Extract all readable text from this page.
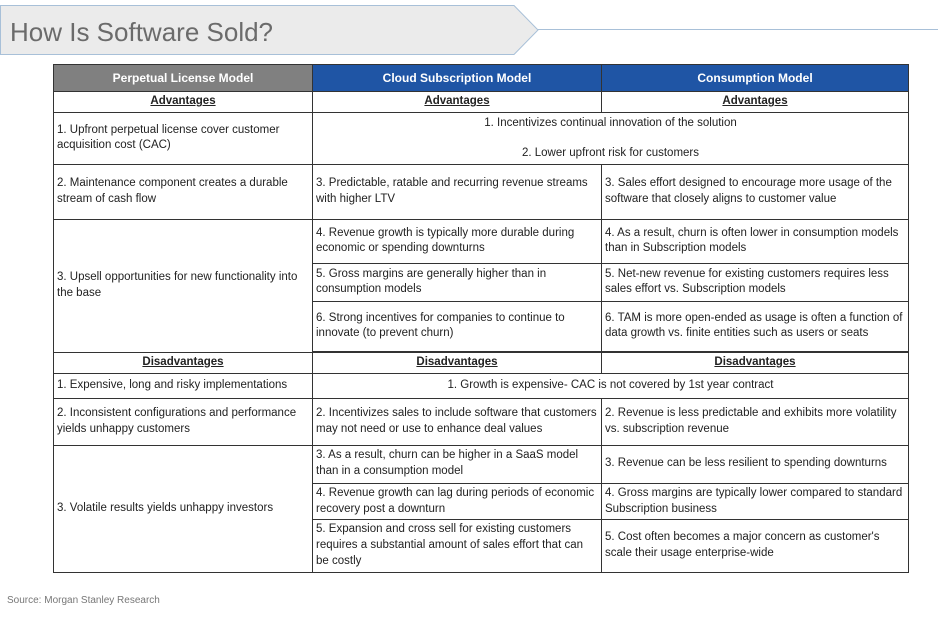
How Is Software Sold?
Perpetual License Model	Cloud Subscription Model	Consumption Model
Advantages	Advantages	Advantages
1. Upfront perpetual license cover customer acquisition cost (CAC)	1. Incentivizes continual innovation of the solution
2. Lower upfront risk for customers	

2. Maintenance component creates a durable stream of cash flow	3. Predictable, ratable and recurring revenue streams with higher LTV	3. Sales effort designed to encourage more usage of the software that closely aligns to customer value
3. Upsell opportunities for new functionality into the base	4. Revenue growth is typically more durable during economic or spending downturns	4. As a result, churn is often lower in consumption models than in Subscription models
	5. Gross margins are generally higher than in consumption models	5. Net-new revenue for existing customers requires less sales effort vs. Subscription models
	6. Strong incentives for companies to continue to innovate (to prevent churn)	6. TAM is more open-ended as usage is often a function of data growth vs. finite entities such as users or seats

Disadvantages	Disadvantages	Disadvantages
1. Expensive, long and risky implementations	1. Growth is expensive- CAC is not covered by 1st year contract	
2. Inconsistent configurations and performance yields unhappy customers	2. Incentivizes sales to include software that customers may not need or use to enhance deal values	2. Revenue is less predictable and exhibits more volatility vs. subscription revenue
3. Volatile results yields unhappy investors	3. As a result, churn can be higher in a SaaS model than in a consumption model	3. Revenue can be less resilient to spending downturns
	4. Revenue growth can lag during periods of economic recovery post a downturn	4. Gross margins are typically lower compared to standard Subscription business
	5. Expansion and cross sell for existing customers requires a substantial amount of sales effort that can be costly	5. Cost often becomes a major concern as customer's scale their usage enterprise-wide
Source: Morgan Stanley Research
